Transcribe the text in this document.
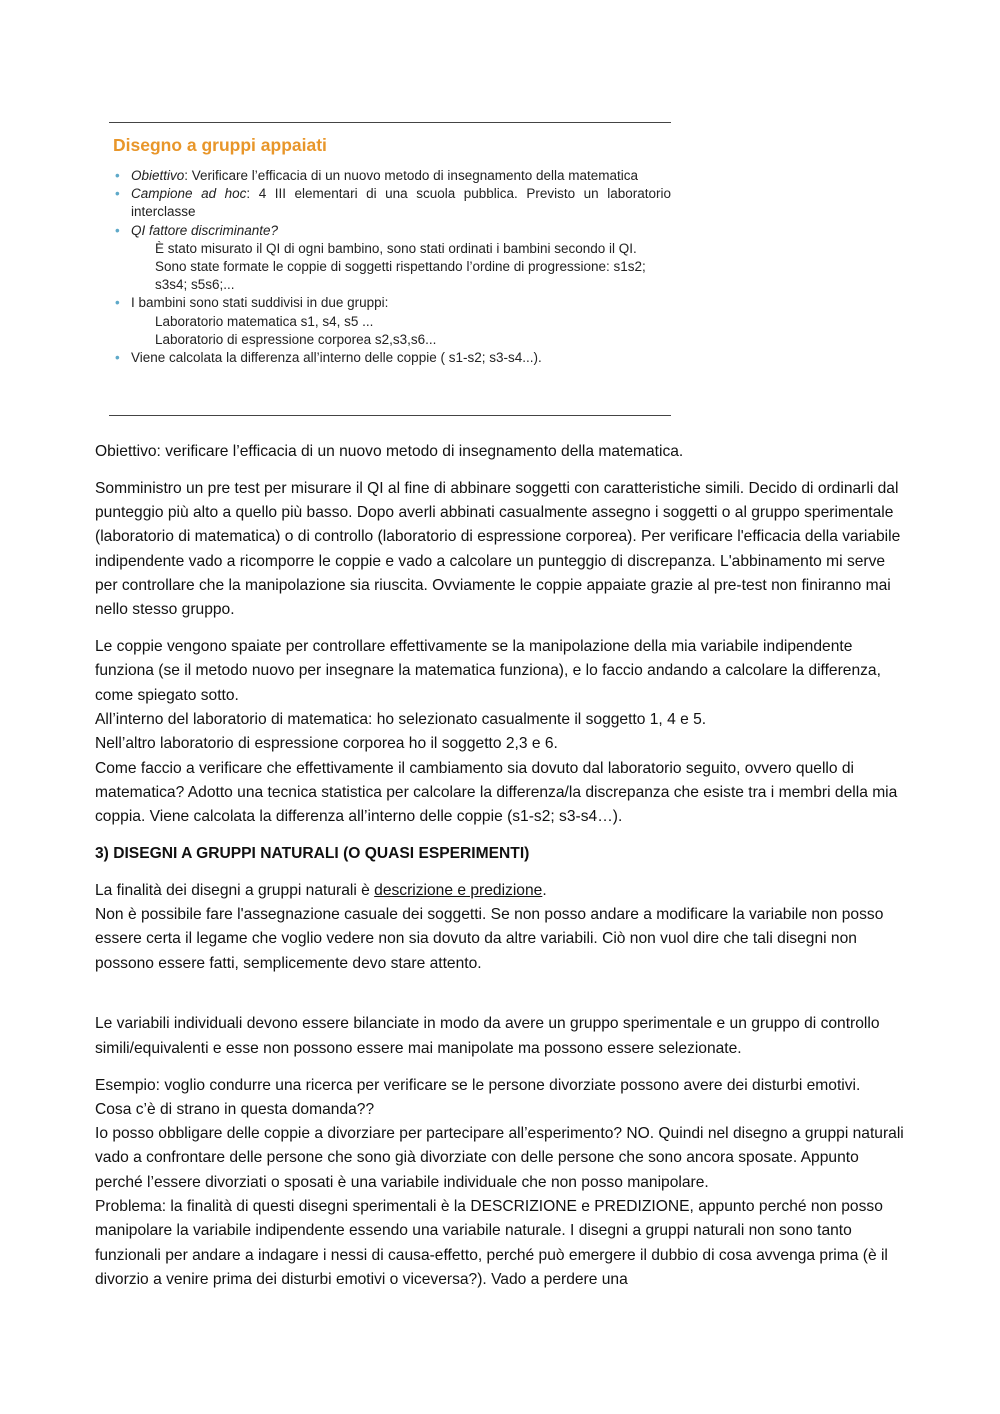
Disegno a gruppi appaiati
• Obiettivo: Verificare l’efficacia di un nuovo metodo di insegnamento della matematica
• Campione ad hoc: 4 III elementari di una scuola pubblica. Previsto un laboratorio interclasse
• QI fattore discriminante?
È stato misurato il QI di ogni bambino, sono stati ordinati i bambini secondo il QI.
Sono state formate le coppie di soggetti rispettando l’ordine di progressione: s1s2; s3s4; s5s6;...
• I bambini sono stati suddivisi in due gruppi:
Laboratorio matematica s1, s4, s5 ...
Laboratorio di espressione corporea s2,s3,s6...
• Viene calcolata la differenza all’interno delle coppie ( s1-s2; s3-s4...).

Obiettivo: verificare l’efficacia di un nuovo metodo di insegnamento della matematica.

Somministro un pre test per misurare il QI al fine di abbinare soggetti con caratteristiche simili. Decido di ordinarli dal punteggio più alto a quello più basso. Dopo averli abbinati casualmente assegno i soggetti o al gruppo sperimentale (laboratorio di matematica) o di controllo (laboratorio di espressione corporea). Per verificare l'efficacia della variabile indipendente vado a ricomporre le coppie e vado a calcolare un punteggio di discrepanza. L'abbinamento mi serve per controllare che la manipolazione sia riuscita. Ovviamente le coppie appaiate grazie al pre-test non finiranno mai nello stesso gruppo.

Le coppie vengono spaiate per controllare effettivamente se la manipolazione della mia variabile indipendente funziona (se il metodo nuovo per insegnare la matematica funziona), e lo faccio andando a calcolare la differenza, come spiegato sotto.
All’interno del laboratorio di matematica: ho selezionato casualmente il soggetto 1, 4 e 5.
Nell’altro laboratorio di espressione corporea ho il soggetto 2,3 e 6.
Come faccio a verificare che effettivamente il cambiamento sia dovuto dal laboratorio seguito, ovvero quello di matematica? Adotto una tecnica statistica per calcolare la differenza/la discrepanza che esiste tra i membri della mia coppia. Viene calcolata la differenza all’interno delle coppie (s1-s2; s3-s4…).

3) DISEGNI A GRUPPI NATURALI (O QUASI ESPERIMENTI)

La finalità dei disegni a gruppi naturali è descrizione e predizione.
Non è possibile fare l'assegnazione casuale dei soggetti. Se non posso andare a modificare la variabile non posso essere certa il legame che voglio vedere non sia dovuto da altre variabili. Ciò non vuol dire che tali disegni non possono essere fatti, semplicemente devo stare attento.

Le variabili individuali devono essere bilanciate in modo da avere un gruppo sperimentale e un gruppo di controllo simili/equivalenti e esse non possono essere mai manipolate ma possono essere selezionate.

Esempio: voglio condurre una ricerca per verificare se le persone divorziate possono avere dei disturbi emotivi.
Cosa c’è di strano in questa domanda??
Io posso obbligare delle coppie a divorziare per partecipare all’esperimento? NO. Quindi nel disegno a gruppi naturali vado a confrontare delle persone che sono già divorziate con delle persone che sono ancora sposate. Appunto perché l’essere divorziati o sposati è una variabile individuale che non posso manipolare.
Problema: la finalità di questi disegni sperimentali è la DESCRIZIONE e PREDIZIONE, appunto perché non posso manipolare la variabile indipendente essendo una variabile naturale. I disegni a gruppi naturali non sono tanto funzionali per andare a indagare i nessi di causa-effetto, perché può emergere il dubbio di cosa avvenga prima (è il divorzio a venire prima dei disturbi emotivi o viceversa?). Vado a perdere una
